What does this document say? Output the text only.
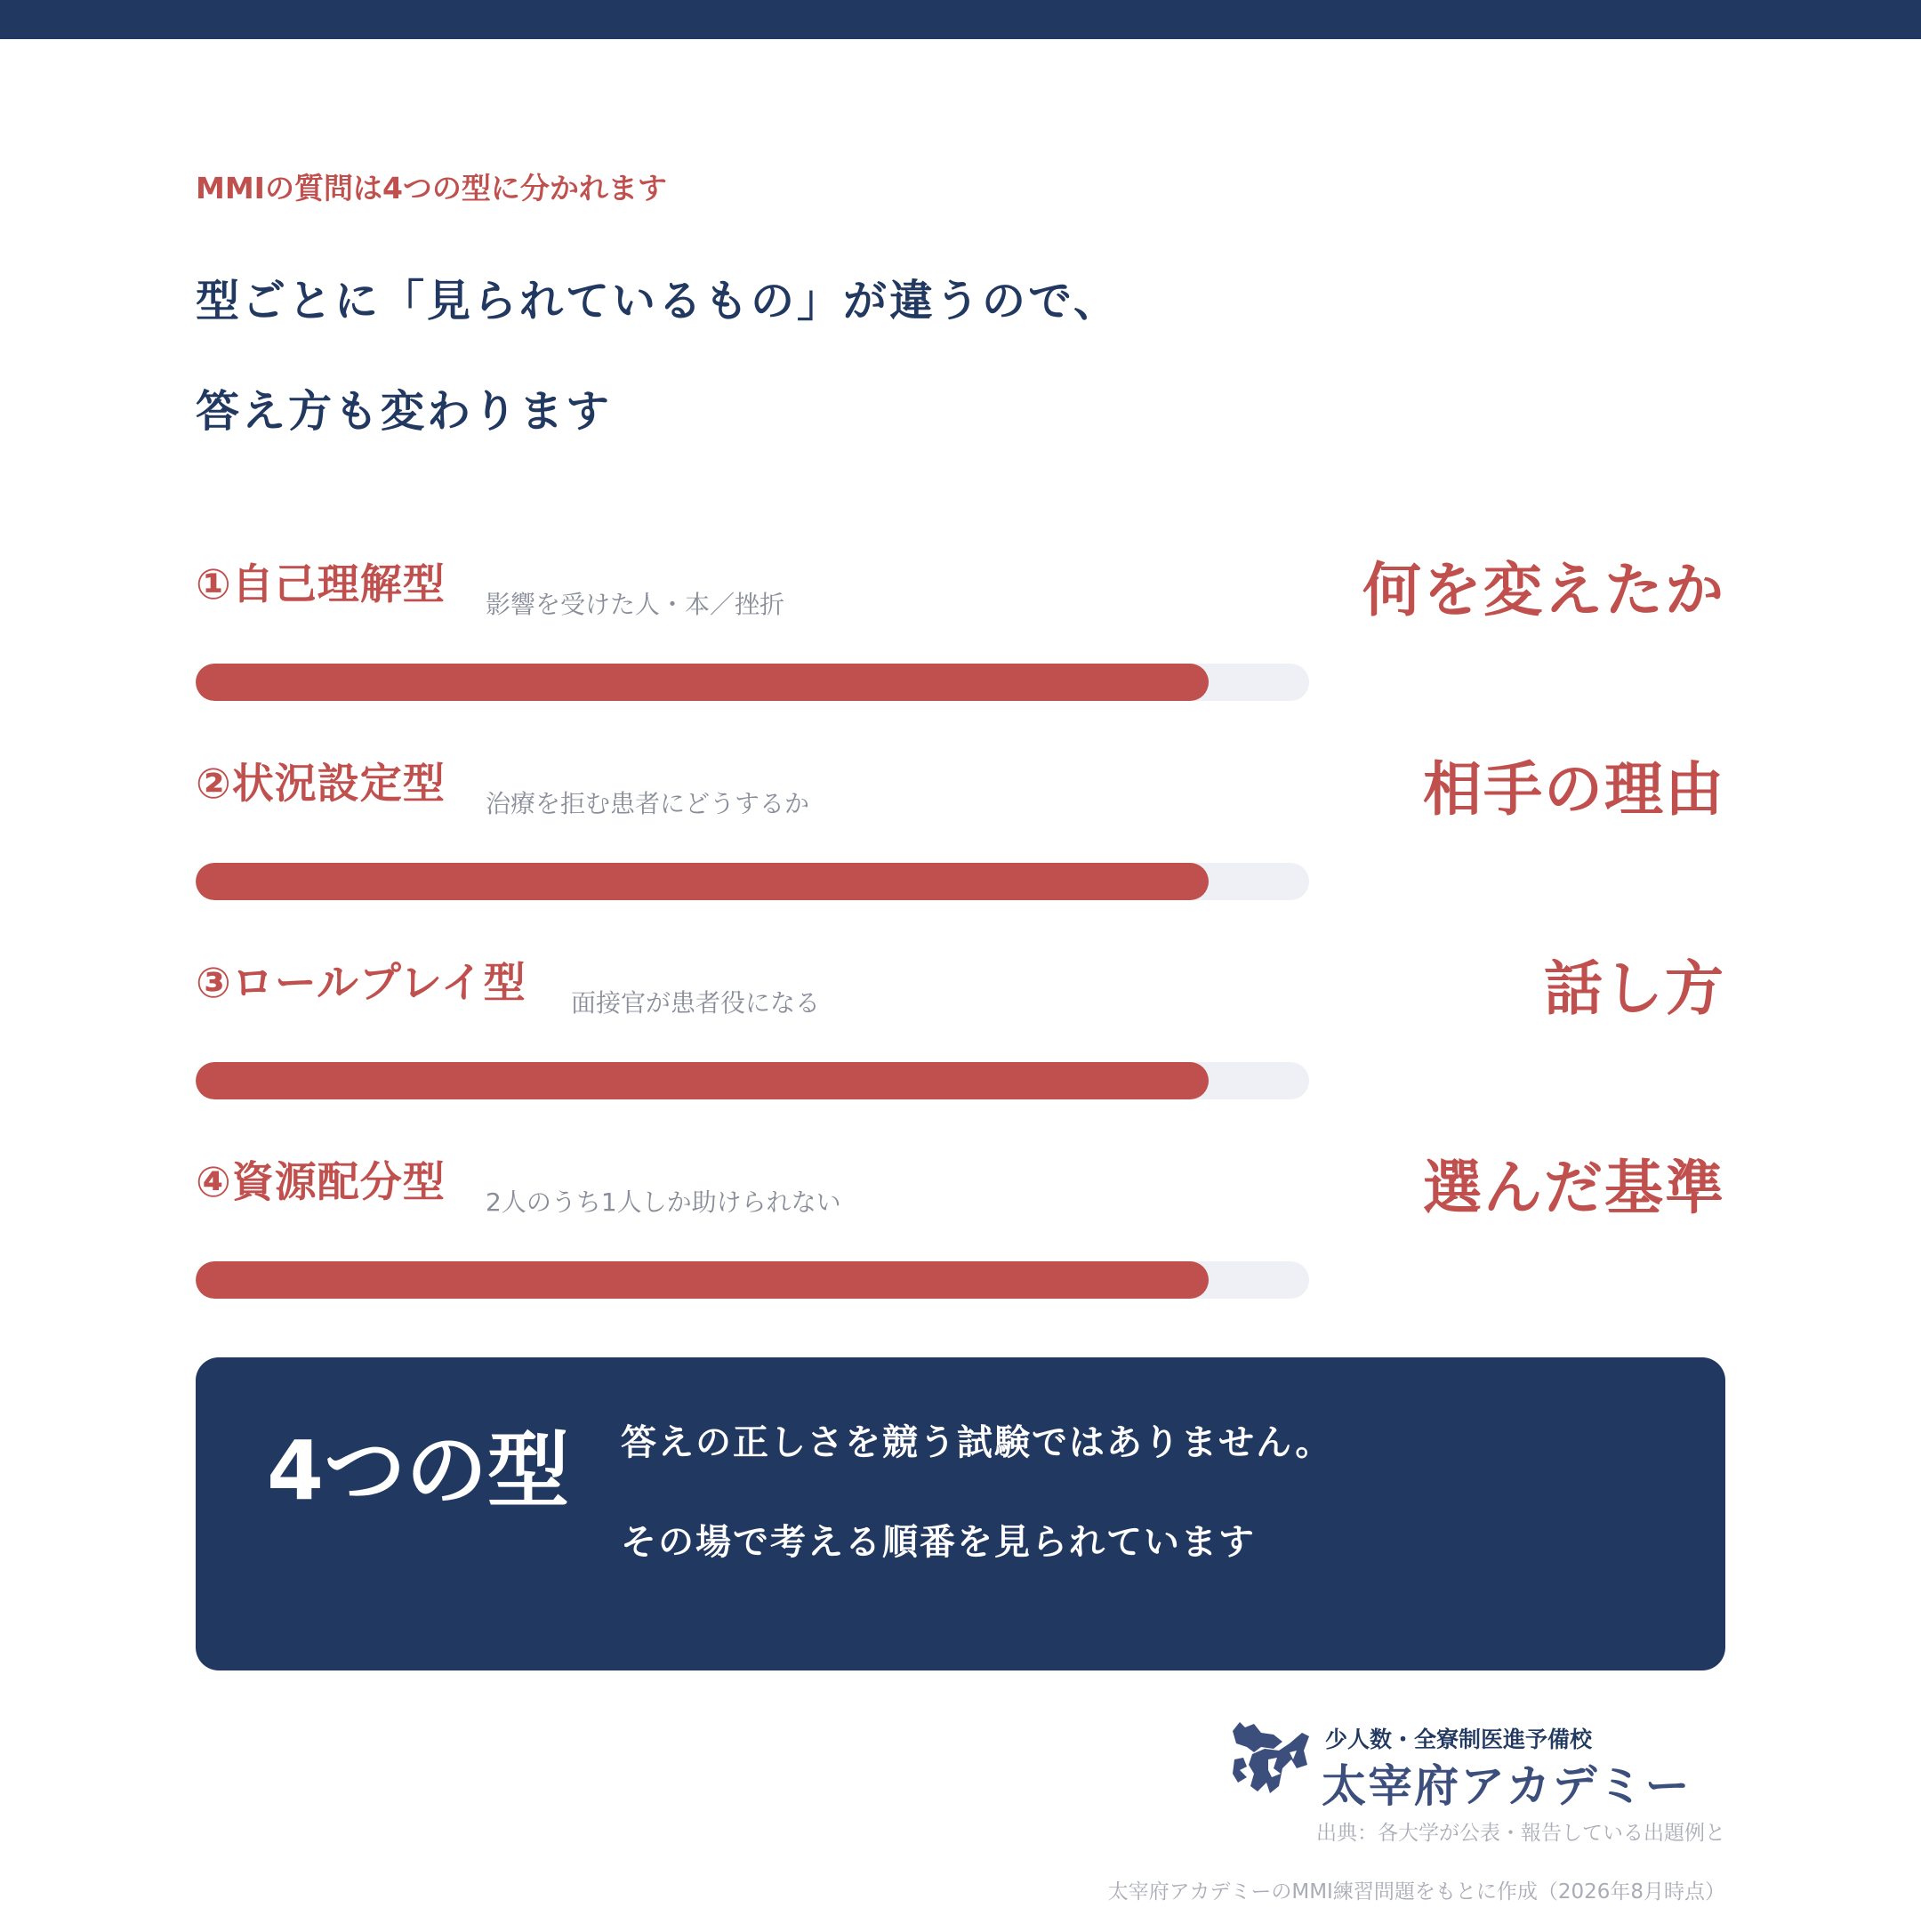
MMIの質問は4つの型に分かれます
型ごとに「見られているもの」が違うので、
答え方も変わります
①自己理解型 影響を受けた人・本／挫折	何を変えたか
②状況設定型 治療を拒む患者にどうするか	相手の理由
③ロールプレイ型 面接官が患者役になる	話し方
④資源配分型 2人のうち1人しか助けられない	選んだ基準
4つの型 答えの正しさを競う試験ではありません。
その場で考える順番を見られています
少人数・全寮制医進予備校
太宰府アカデミー
出典：各大学が公表・報告している出題例と
太宰府アカデミーのMMI練習問題をもとに作成（2026年8月時点）
